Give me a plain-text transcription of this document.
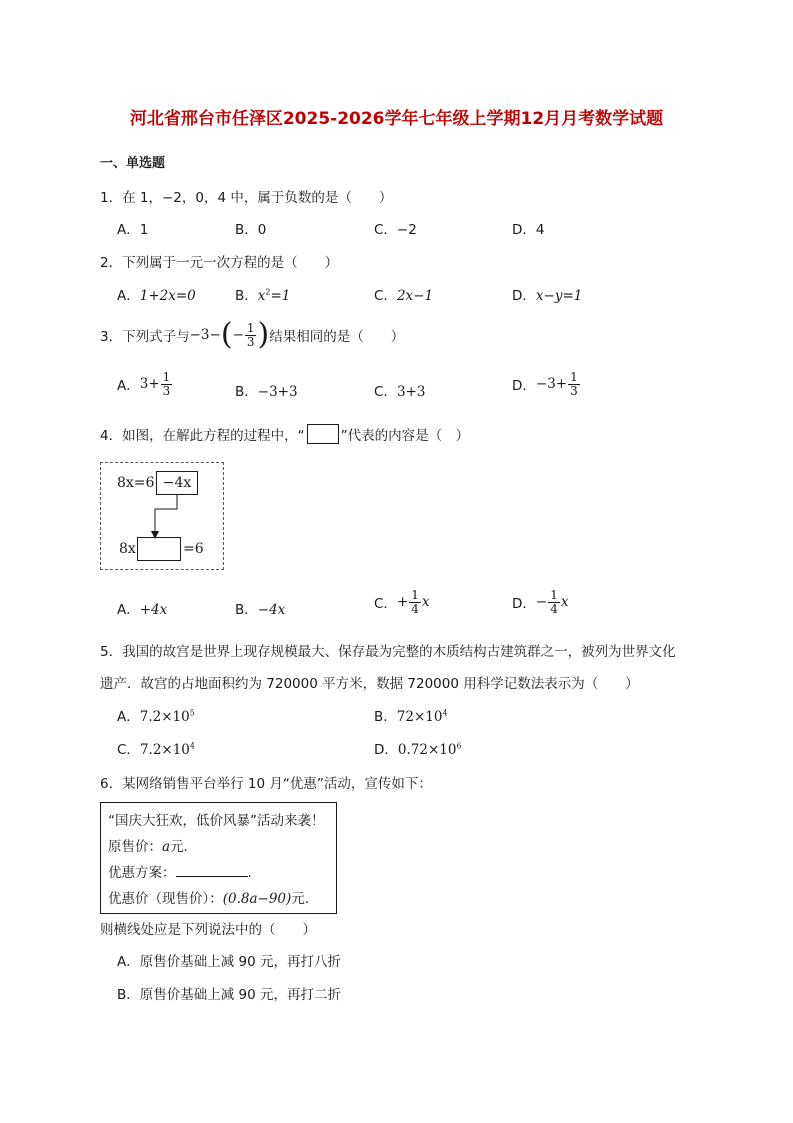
河北省邢台市任泽区2025-2026学年七年级上学期12月月考数学试题
一、单选题
1．在 1，−2，0，4 中，属于负数的是（　　）
A．1	B．0	C．−2	D．4
2．下列属于一元一次方程的是（　　）
A．1+2x=0	B．$x^2=1$	C．2x−1	D．x−y=1
3．下列式子与 −3− ( − $\frac{1}{3}$ ) 结果相同的是（　　）
A． $3+ \frac{1}{3}$	B．−3+3	C．3+3	D． $-3+ \frac{1}{3}$
4．如图，在解此方程的过程中，“	”代表的内容是（　）
8x=6 −4x
8x	=6
A．+4x	B．−4x	C． + $\frac{1}{4}$ x	D． − $\frac{1}{4}$ x
5．我国的故宫是世界上现存规模最大、保存最为完整的木质结构古建筑群之一，被列为世界文化
遗产．故宫的占地面积约为 720000 平方米，数据 720000 用科学记数法表示为（　　）
A．$7.2\times 10^5$	B．$72\times 10^4$
C．$7.2\times 10^4$	D．$0.72\times 10^6$
6．某网络销售平台举行 10 月“优惠”活动，宣传如下：
“国庆大狂欢，低价风暴”活动来袭！
原售价：a元.
优惠方案：	.
优惠价（现售价）：(0.8a−90)元.
则横线处应是下列说法中的（　　）
A．原售价基础上减 90 元，再打八折
B．原售价基础上减 90 元，再打二折
